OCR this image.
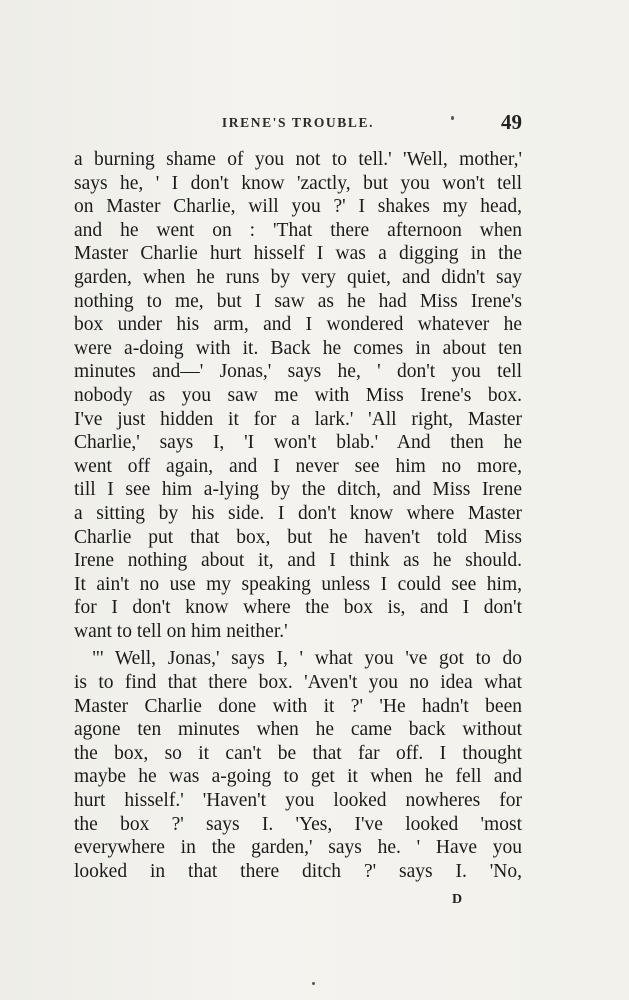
IRENE'S TROUBLE.	49
a burning shame of you not to tell.' 'Well, mother,'
says he, ' I don't know 'zactly, but you won't tell
on Master Charlie, will you ?' I shakes my head,
and he went on : 'That there afternoon when
Master Charlie hurt hisself I was a digging in the
garden, when he runs by very quiet, and didn't say
nothing to me, but I saw as he had Miss Irene's
box under his arm, and I wondered whatever he
were a-doing with it. Back he comes in about ten
minutes and—' Jonas,' says he, ' don't you tell
nobody as you saw me with Miss Irene's box.
I've just hidden it for a lark.' 'All right, Master
Charlie,' says I, 'I won't blab.' And then he
went off again, and I never see him no more,
till I see him a-lying by the ditch, and Miss Irene
a sitting by his side. I don't know where Master
Charlie put that box, but he haven't told Miss
Irene nothing about it, and I think as he should.
It ain't no use my speaking unless I could see him,
for I don't know where the box is, and I don't
want to tell on him neither.'
"' Well, Jonas,' says I, ' what you 've got to do
is to find that there box. 'Aven't you no idea what
Master Charlie done with it ?' 'He hadn't been
agone ten minutes when he came back without
the box, so it can't be that far off. I thought
maybe he was a-going to get it when he fell and
hurt hisself.' 'Haven't you looked nowheres for
the box ?' says I. 'Yes, I've looked 'most
everywhere in the garden,' says he. ' Have you
looked in that there ditch ?' says I. 'No,
D
